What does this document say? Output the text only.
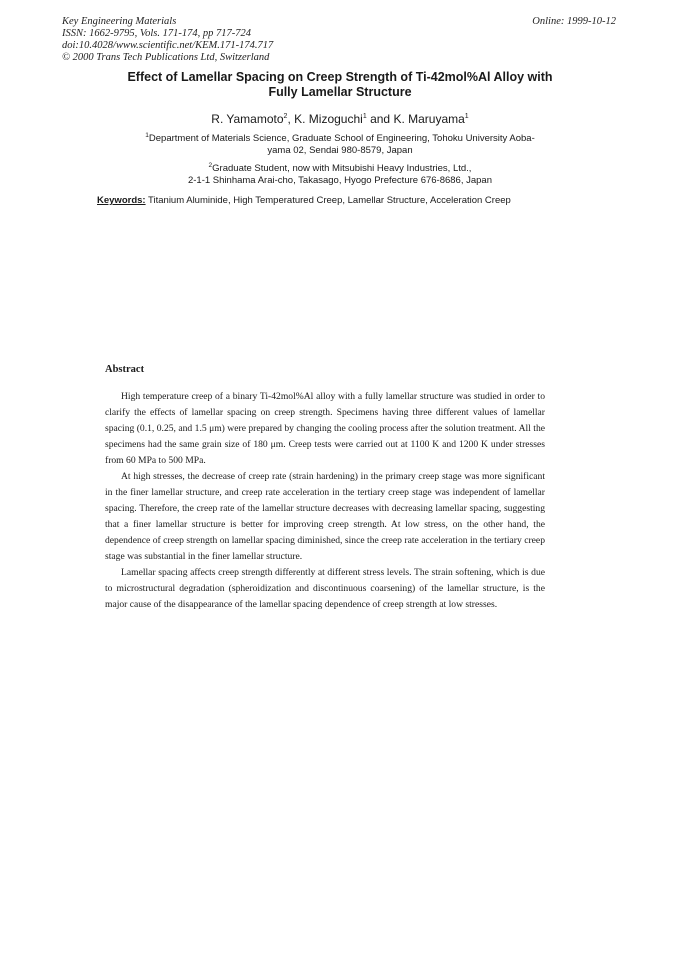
Key Engineering Materials
ISSN: 1662-9795, Vols. 171-174, pp 717-724
doi:10.4028/www.scientific.net/KEM.171-174.717
© 2000 Trans Tech Publications Ltd, Switzerland
Online: 1999-10-12
Effect of Lamellar Spacing on Creep Strength of Ti-42mol%Al Alloy with
Fully Lamellar Structure
R. Yamamoto$^2$, K. Mizoguchi$^1$ and K. Maruyama$^1$
$^1$Department of Materials Science, Graduate School of Engineering, Tohoku University Aoba-
yama 02, Sendai 980-8579, Japan
$^2$Graduate Student, now with Mitsubishi Heavy Industries, Ltd.,
2-1-1 Shinhama Arai-cho, Takasago, Hyogo Prefecture 676-8686, Japan
Keywords: Titanium Aluminide, High Temperatured Creep, Lamellar Structure, Acceleration Creep
Abstract

High temperature creep of a binary Ti-42mol%Al alloy with a fully lamellar structure was studied in order to clarify the effects of lamellar spacing on creep strength. Specimens having three different values of lamellar spacing (0.1, 0.25, and 1.5 μm) were prepared by changing the cooling process after the solution treatment. All the specimens had the same grain size of 180 μm. Creep tests were carried out at 1100 K and 1200 K under stresses from 60 MPa to 500 MPa.

At high stresses, the decrease of creep rate (strain hardening) in the primary creep stage was more significant in the finer lamellar structure, and creep rate acceleration in the tertiary creep stage was independent of lamellar spacing. Therefore, the creep rate of the lamellar structure decreases with decreasing lamellar spacing, suggesting that a finer lamellar structure is better for improving creep strength. At low stress, on the other hand, the dependence of creep strength on lamellar spacing diminished, since the creep rate acceleration in the tertiary creep stage was substantial in the finer lamellar structure.

Lamellar spacing affects creep strength differently at different stress levels. The strain softening, which is due to microstructural degradation (spheroidization and discontinuous coarsening) of the lamellar structure, is the major cause of the disappearance of the lamellar spacing dependence of creep strength at low stresses.
